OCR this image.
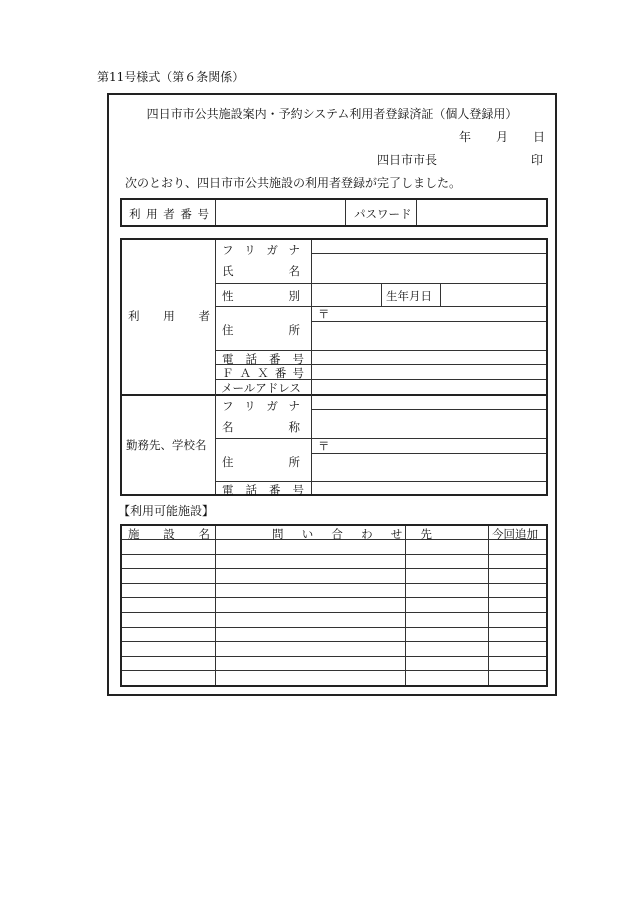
第11号様式（第６条関係）
四日市市公共施設案内・予約システム利用者登録済証（個人登録用）
年 月 日
四日市市長	印
次のとおり、四日市市公共施設の利用者登録が完了しました。
利 用 者 番 号	パスワード
利 用 者
フ リ ガ ナ
氏	名
性	別	生年月日
〒
住	所
電 話 番 号
Ｆ Ａ Ｘ 番 号
メールアドレス
勤務先、学校名
フ リ ガ ナ
名	称
〒
住	所
電 話 番 号
【利用可能施設】
施 設 名	問 い 合 わ せ 先	今回追加
